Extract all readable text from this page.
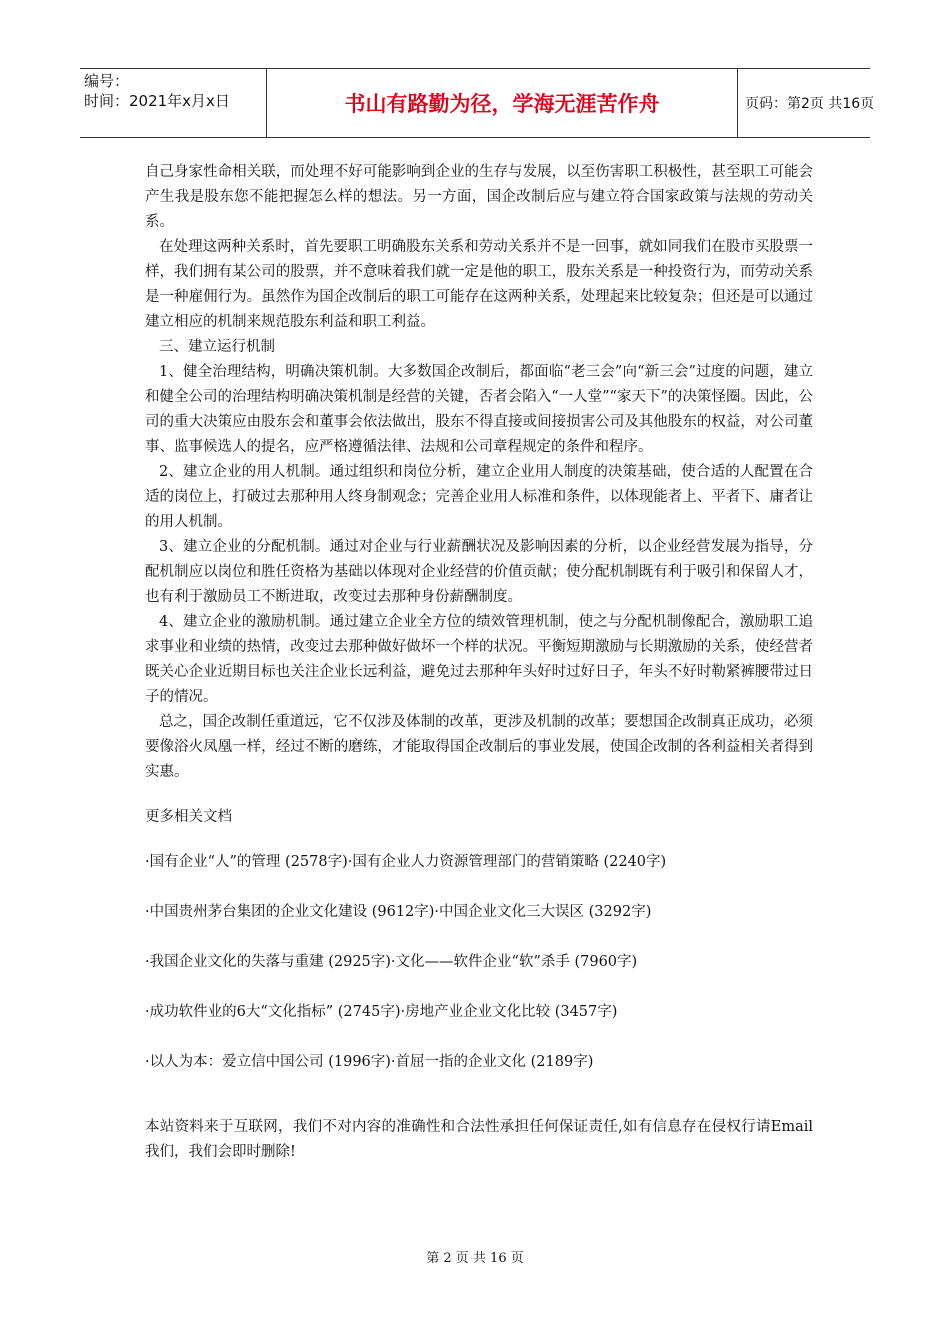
编号：
时间：2021年x月x日	书山有路勤为径，学海无涯苦作舟	页码：第2页 共16页

自己身家性命相关联，而处理不好可能影响到企业的生存与发展，以至伤害职工积极性，甚至职工可能会产生我是股东您不能把握怎么样的想法。另一方面，国企改制后应与建立符合国家政策与法规的劳动关系。

在处理这两种关系时，首先要职工明确股东关系和劳动关系并不是一回事，就如同我们在股市买股票一样，我们拥有某公司的股票，并不意味着我们就一定是他的职工，股东关系是一种投资行为，而劳动关系是一种雇佣行为。虽然作为国企改制后的职工可能存在这两种关系，处理起来比较复杂；但还是可以通过建立相应的机制来规范股东利益和职工利益。

三、建立运行机制

1、健全治理结构，明确决策机制。大多数国企改制后，都面临“老三会”向“新三会”过度的问题，建立和健全公司的治理结构明确决策机制是经营的关键，否者会陷入“一人堂”“家天下”的决策怪圈。因此，公司的重大决策应由股东会和董事会依法做出，股东不得直接或间接损害公司及其他股东的权益，对公司董事、监事候选人的提名，应严格遵循法律、法规和公司章程规定的条件和程序。

2、建立企业的用人机制。通过组织和岗位分析，建立企业用人制度的决策基础，使合适的人配置在合适的岗位上，打破过去那种用人终身制观念；完善企业用人标准和条件，以体现能者上、平者下、庸者让的用人机制。

3、建立企业的分配机制。通过对企业与行业薪酬状况及影响因素的分析，以企业经营发展为指导，分配机制应以岗位和胜任资格为基础以体现对企业经营的价值贡献；使分配机制既有利于吸引和保留人才，也有利于激励员工不断进取，改变过去那种身份薪酬制度。

4、建立企业的激励机制。通过建立企业全方位的绩效管理机制，使之与分配机制像配合，激励职工追求事业和业绩的热情，改变过去那种做好做坏一个样的状况。平衡短期激励与长期激励的关系，使经营者既关心企业近期目标也关注企业长远利益，避免过去那种年头好时过好日子，年头不好时勒紧裤腰带过日子的情况。

总之，国企改制任重道远，它不仅涉及体制的改革，更涉及机制的改革；要想国企改制真正成功，必须要像浴火凤凰一样，经过不断的磨练，才能取得国企改制后的事业发展，使国企改制的各利益相关者得到实惠。

更多相关文档

·国有企业“人”的管理 (2578字)·国有企业人力资源管理部门的营销策略 (2240字)

·中国贵州茅台集团的企业文化建设 (9612字)·中国企业文化三大误区 (3292字)

·我国企业文化的失落与重建 (2925字)·文化——软件企业“软”杀手 (7960字)

·成功软件业的6大“文化指标” (2745字)·房地产业企业文化比较 (3457字)

·以人为本：爱立信中国公司 (1996字)·首屈一指的企业文化 (2189字)

本站资料来于互联网，我们不对内容的准确性和合法性承担任何保证责任,如有信息存在侵权行请Email我们，我们会即时删除!

第 2 页 共 16 页
